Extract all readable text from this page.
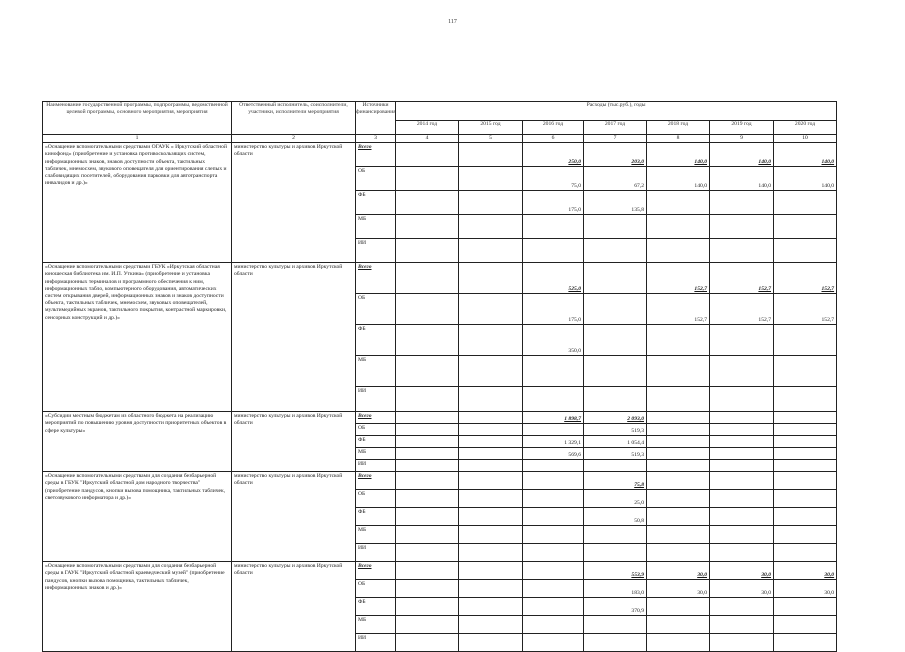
117
Наименование государственной программы, подпрограммы, ведомственной целевой программы, основного мероприятия, мероприятия	Ответственный исполнитель, соисполнители, участники, исполнители мероприятия	Источники финансирования	Расходы (тыс.руб.), годы						
			2014 год	2015 год	2016 год	2017 год	2018 год	2019 год	2020 год
1	2	3	4	5	6	7	8	9	10
«Оснащение вспомогательными средствами ОГАУК « Иркутский областной кинофонд» (приобретение и установка противоскользящих систем, информационных знаков, знаков доступности объекта, тактильных табличек, мнемосхем, звукового оповещателя для ориентирования слепых и слабовидящих посетителей, оборудования парковки для автотранспорта инвалидов и др.)»	министерство культуры и архивов Иркутской области	Всего			250,0	203,0	140,0	140,0	140,0
		ОБ			75,0	67,2	140,0	140,0	140,0
		ФБ			175,0	135,8			
		МБ							
		ИИ							
«Оснащение вспомогательными средствами ГБУК «Иркутская областная юношеская библиотека им. И.П. Уткина» (приобретение и установка информационных терминалов и программного обеспечения к ним, информационных табло, компьютерного оборудования, автоматических систем открывания дверей, информационных знаков и знаков доступности объекта, тактильных табличек, мнемосхем, звуковых оповещателей, мультимедийных экранов, тактильного покрытия, контрастной маркировки, сенсорных конструкций и др.)»	министерство культуры и архивов Иркутской области	Всего			525,0		152,7	152,7	152,7
		ОБ			175,0		152,7	152,7	152,7
		ФБ			350,0				
		МБ							
		ИИ							
«Субсидии местным бюджетам из областного бюджета на реализацию мероприятий по повышению уровня доступности приоритетных объектов в сфере культуры»	министерство культуры и архивов Иркутской области	Всего			1 898,7	2 093,0			
		ОБ				519,3			
		ФБ			1 329,1	1 054,4			
		МБ			569,6	519,3			
		ИИ							
«Оснащение вспомогательными средствами для создания безбарьерной среды в ГБУК "Иркутский областной дом народного творчества" (приобретение пандусов, кнопки вызова помощника, тактильных табличек, светозвукового информатора и др.)»	министерство культуры и архивов Иркутской области	Всего				75,8			
		ОБ				25,0			
		ФБ				50,8			
		МБ							
		ИИ							
«Оснащение вспомогательными средствами для создания безбарьерной среды в ГАУК "Иркутский областной краеведческий музей" (приобретение пандусов, кнопки вызова помощника, тактильных табличек, информационных знаков и др.)»	министерство культуры и архивов Иркутской области	Всего				553,9	30,0	30,0	30,0
		ОБ				183,0	30,0	30,0	30,0
		ФБ				370,9			
		МБ							
		ИИ							
